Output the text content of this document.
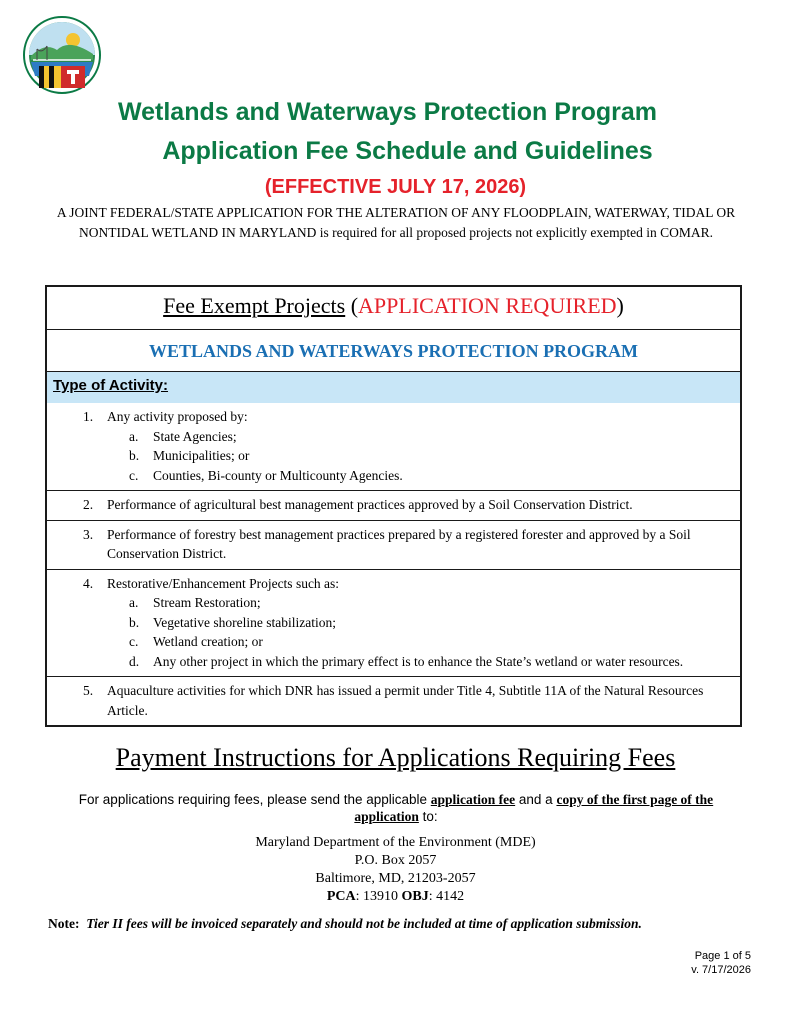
Wetlands and Waterways Protection Program
Application Fee Schedule and Guidelines
(EFFECTIVE JULY 17, 2026)
A JOINT FEDERAL/STATE APPLICATION FOR THE ALTERATION OF ANY FLOODPLAIN, WATERWAY, TIDAL OR NONTIDAL WETLAND IN MARYLAND is required for all proposed projects not explicitly exempted in COMAR.
Fee Exempt Projects (APPLICATION REQUIRED)
WETLANDS AND WATERWAYS PROTECTION PROGRAM
Type of Activity:
1. Any activity proposed by:
a. State Agencies;
b. Municipalities; or
c. Counties, Bi-county or Multicounty Agencies.
2. Performance of agricultural best management practices approved by a Soil Conservation District.
3. Performance of forestry best management practices prepared by a registered forester and approved by a Soil Conservation District.
4. Restorative/Enhancement Projects such as:
a. Stream Restoration;
b. Vegetative shoreline stabilization;
c. Wetland creation; or
d. Any other project in which the primary effect is to enhance the State’s wetland or water resources.
5. Aquaculture activities for which DNR has issued a permit under Title 4, Subtitle 11A of the Natural Resources Article.
Payment Instructions for Applications Requiring Fees
For applications requiring fees, please send the applicable application fee and a copy of the first page of the application to:
Maryland Department of the Environment (MDE)
P.O. Box 2057
Baltimore, MD, 21203-2057
PCA: 13910 OBJ: 4142
Note: Tier II fees will be invoiced separately and should not be included at time of application submission.
Page 1 of 5
v. 7/17/2026
